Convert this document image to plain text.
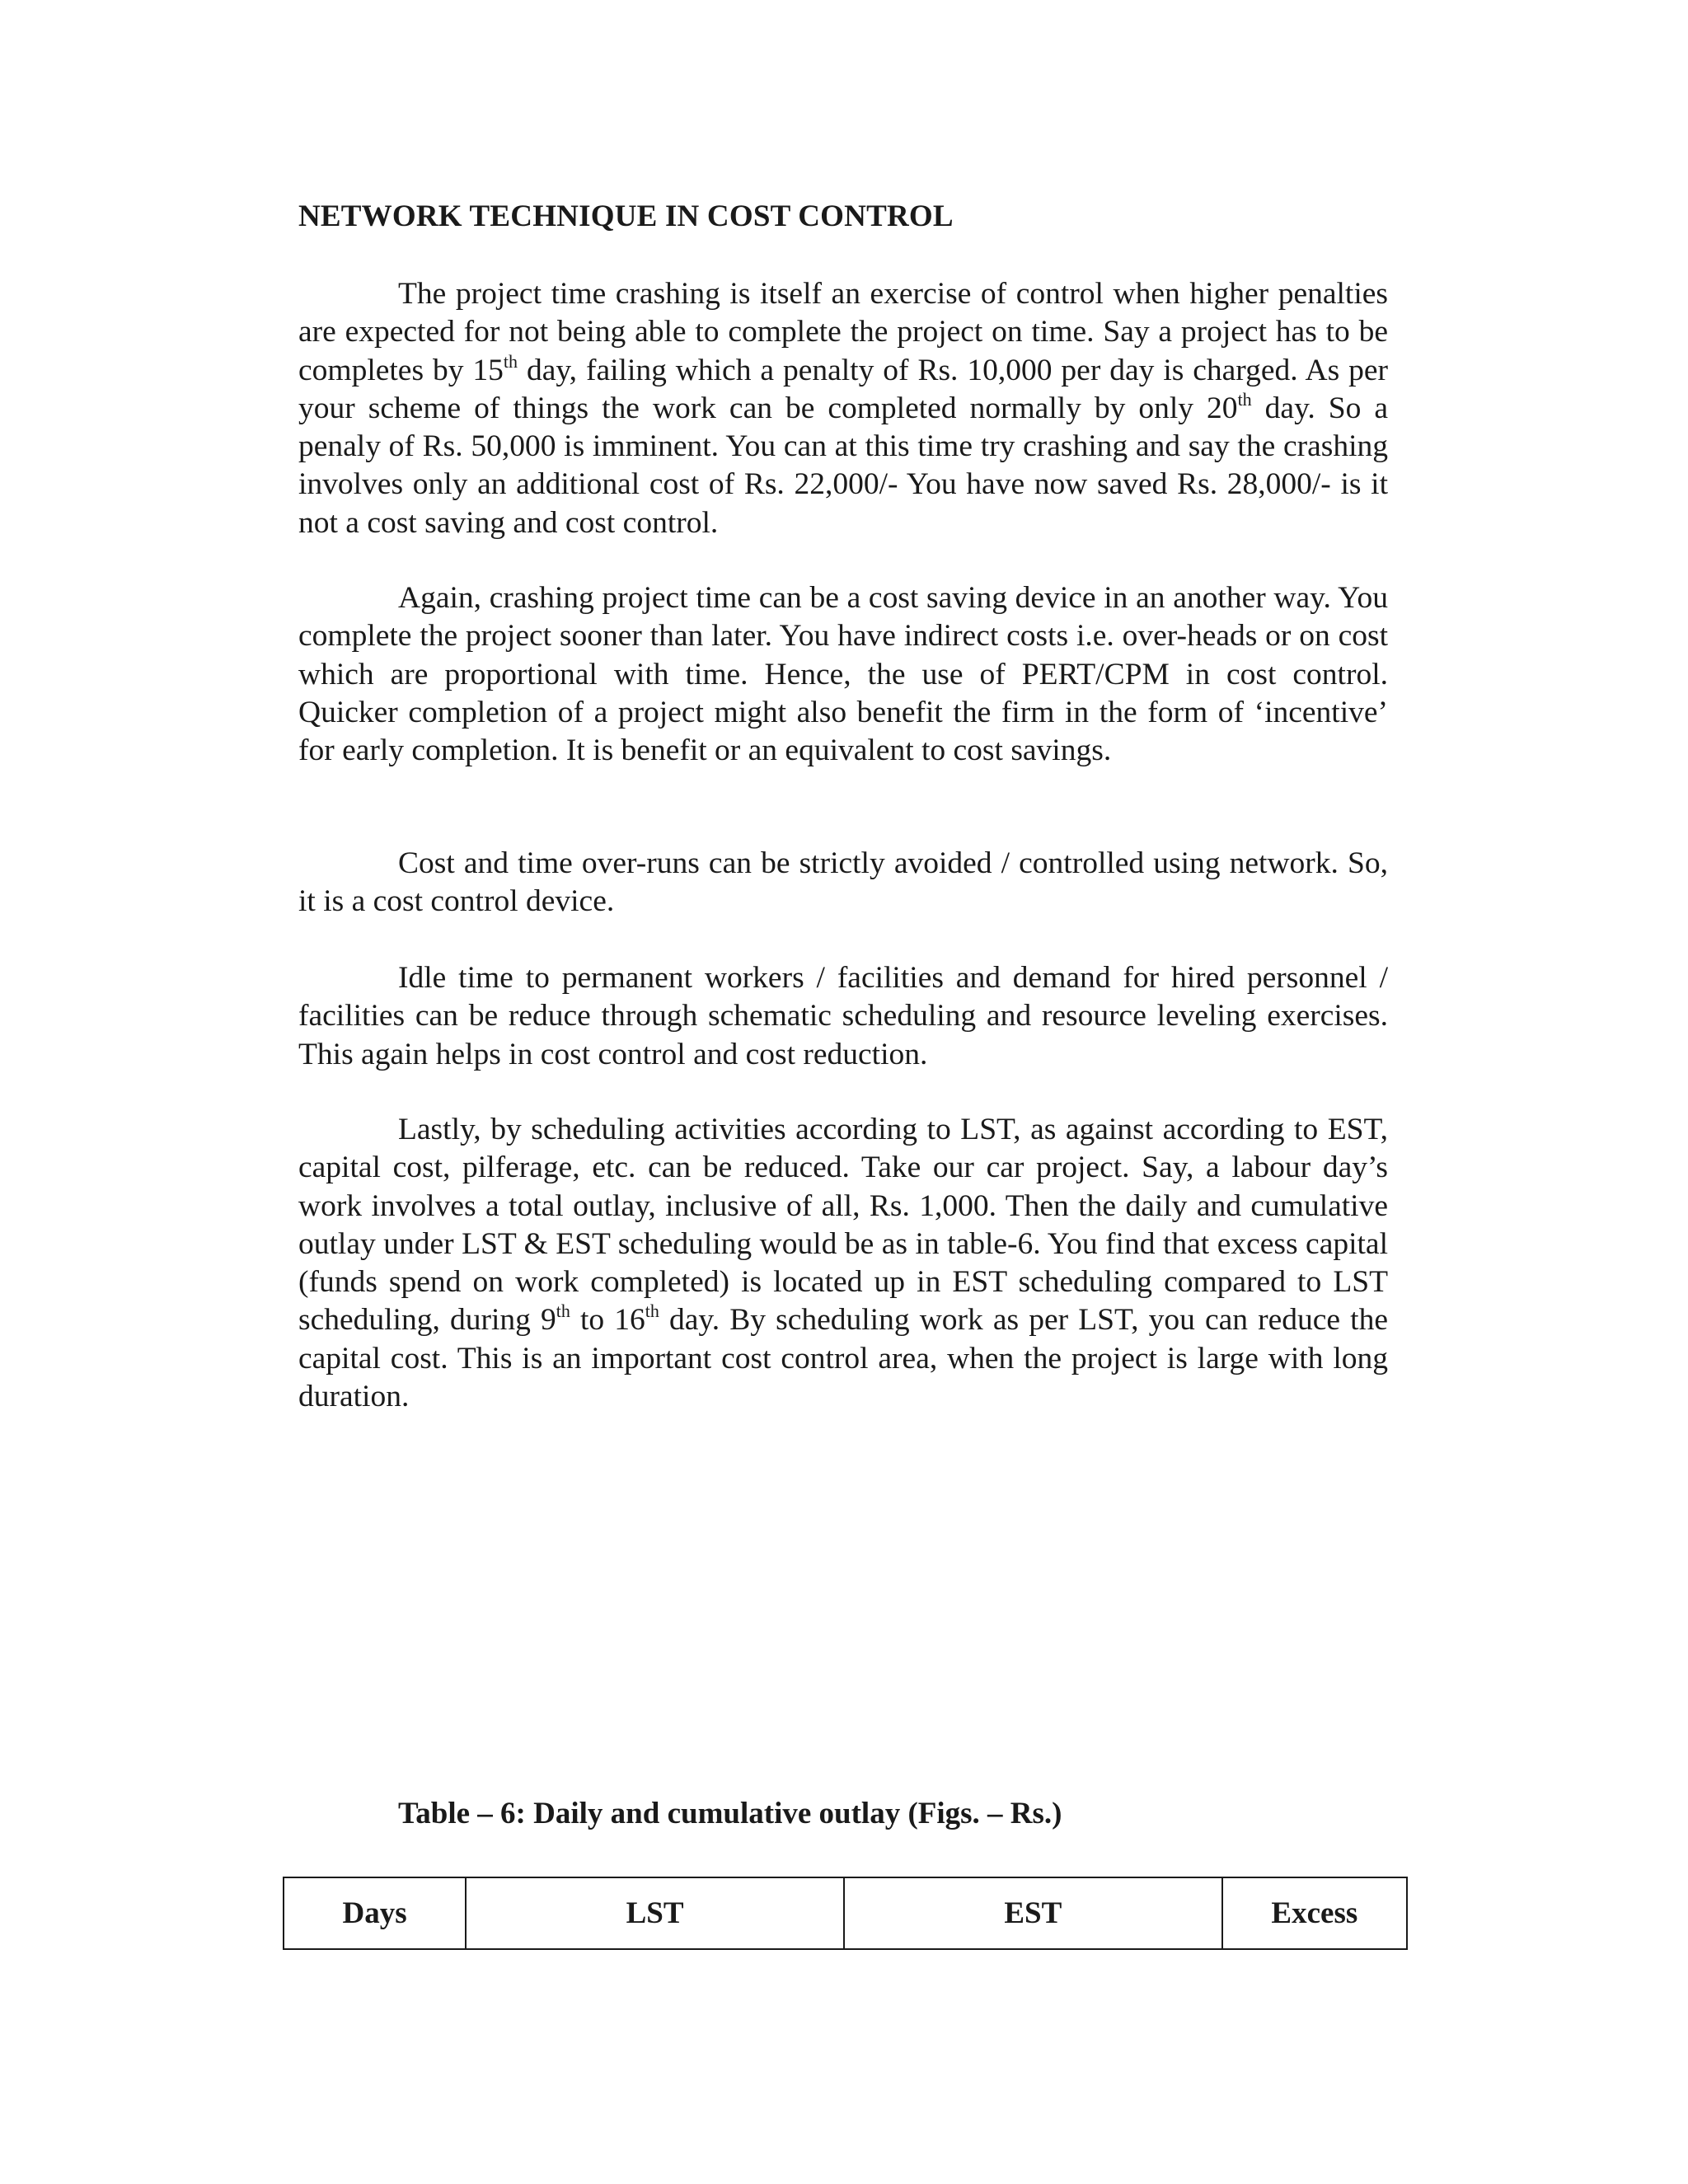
NETWORK TECHNIQUE IN COST CONTROL

The project time crashing is itself an exercise of control when higher penalties are expected for not being able to complete the project on time. Say a project has to be completes by 15th day, failing which a penalty of Rs. 10,000 per day is charged. As per your scheme of things the work can be completed normally by only 20th day. So a penaly of Rs. 50,000 is imminent. You can at this time try crashing and say the crashing involves only an additional cost of Rs. 22,000/- You have now saved Rs. 28,000/- is it not a cost saving and cost control.

Again, crashing project time can be a cost saving device in an another way. You complete the project sooner than later. You have indirect costs i.e. over-heads or on cost which are proportional with time. Hence, the use of PERT/CPM in cost control. Quicker completion of a project might also benefit the firm in the form of ‘incentive’ for early completion. It is benefit or an equivalent to cost savings.

Cost and time over-runs can be strictly avoided / controlled using network. So, it is a cost control device.

Idle time to permanent workers / facilities and demand for hired personnel / facilities can be reduce through schematic scheduling and resource leveling exercises. This again helps in cost control and cost reduction.

Lastly, by scheduling activities according to LST, as against according to EST, capital cost, pilferage, etc. can be reduced. Take our car project. Say, a labour day’s work involves a total outlay, inclusive of all, Rs. 1,000. Then the daily and cumulative outlay under LST & EST scheduling would be as in table-6. You find that excess capital (funds spend on work completed) is located up in EST scheduling compared to LST scheduling, during 9th to 16th day. By scheduling work as per LST, you can reduce the capital cost. This is an important cost control area, when the project is large with long duration.

Table – 6: Daily and cumulative outlay (Figs. – Rs.)

Days	LST	EST	Excess
